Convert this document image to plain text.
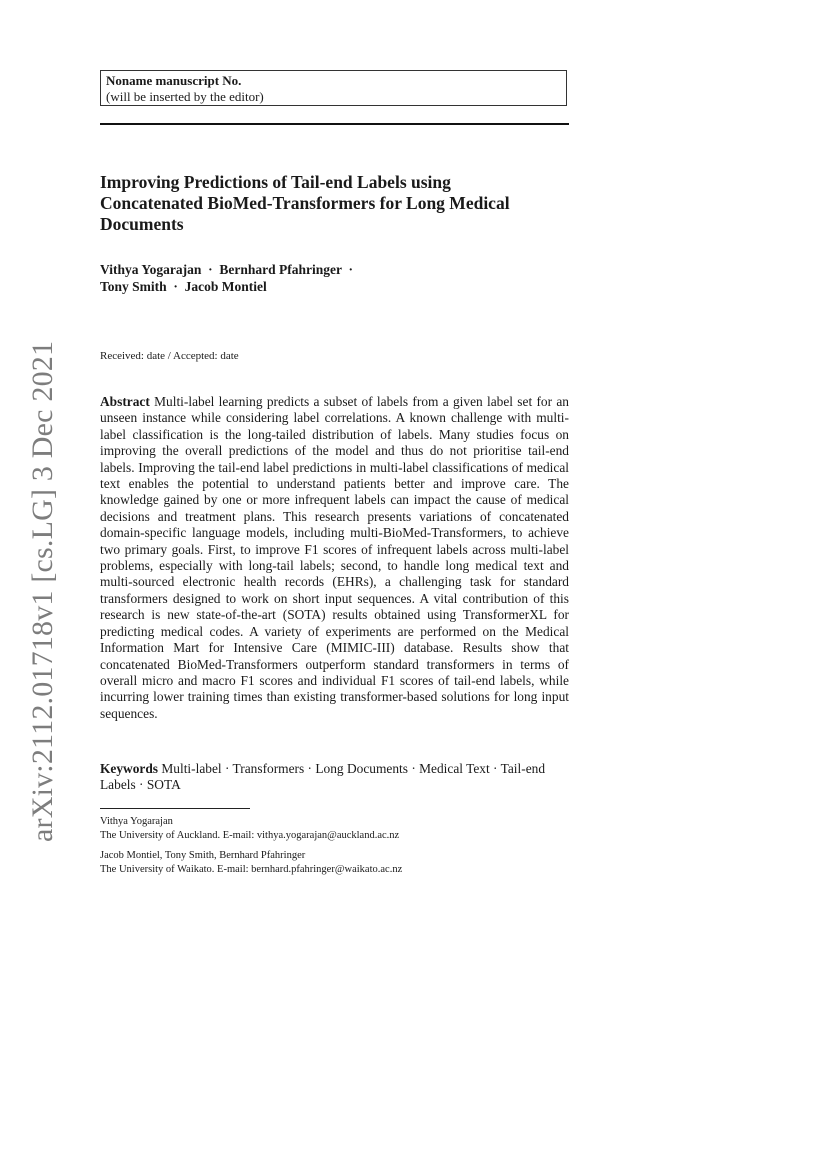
arXiv:2112.01718v1 [cs.LG] 3 Dec 2021
Noname manuscript No.
(will be inserted by the editor)
Improving Predictions of Tail-end Labels using
Concatenated BioMed-Transformers for Long Medical
Documents
Vithya Yogarajan  ·  Bernhard Pfahringer  ·
Tony Smith  ·  Jacob Montiel
Received: date / Accepted: date
Abstract Multi-label learning predicts a subset of labels from a given label set for an unseen instance while considering label correlations. A known challenge with multi-label classification is the long-tailed distribution of labels. Many studies focus on improving the overall predictions of the model and thus do not prioritise tail-end labels. Improving the tail-end label predictions in multi-label classifications of medical text enables the potential to understand patients better and improve care. The knowledge gained by one or more infrequent labels can impact the cause of medical decisions and treatment plans. This research presents variations of concatenated domain-specific language models, including multi-BioMed-Transformers, to achieve two primary goals. First, to improve F1 scores of infrequent labels across multi-label problems, especially with long-tail labels; second, to handle long medical text and multi-sourced electronic health records (EHRs), a challenging task for standard transformers designed to work on short input sequences. A vital contribution of this research is new state-of-the-art (SOTA) results obtained using TransformerXL for predicting medical codes. A variety of experiments are performed on the Medical Information Mart for Intensive Care (MIMIC-III) database. Results show that concatenated BioMed-Transformers outperform standard transformers in terms of overall micro and macro F1 scores and individual F1 scores of tail-end labels, while incurring lower training times than existing transformer-based solutions for long input sequences.
Keywords Multi-label · Transformers · Long Documents · Medical Text · Tail-end Labels · SOTA
Vithya Yogarajan
The University of Auckland. E-mail: vithya.yogarajan@auckland.ac.nz
Jacob Montiel, Tony Smith, Bernhard Pfahringer
The University of Waikato. E-mail: bernhard.pfahringer@waikato.ac.nz
